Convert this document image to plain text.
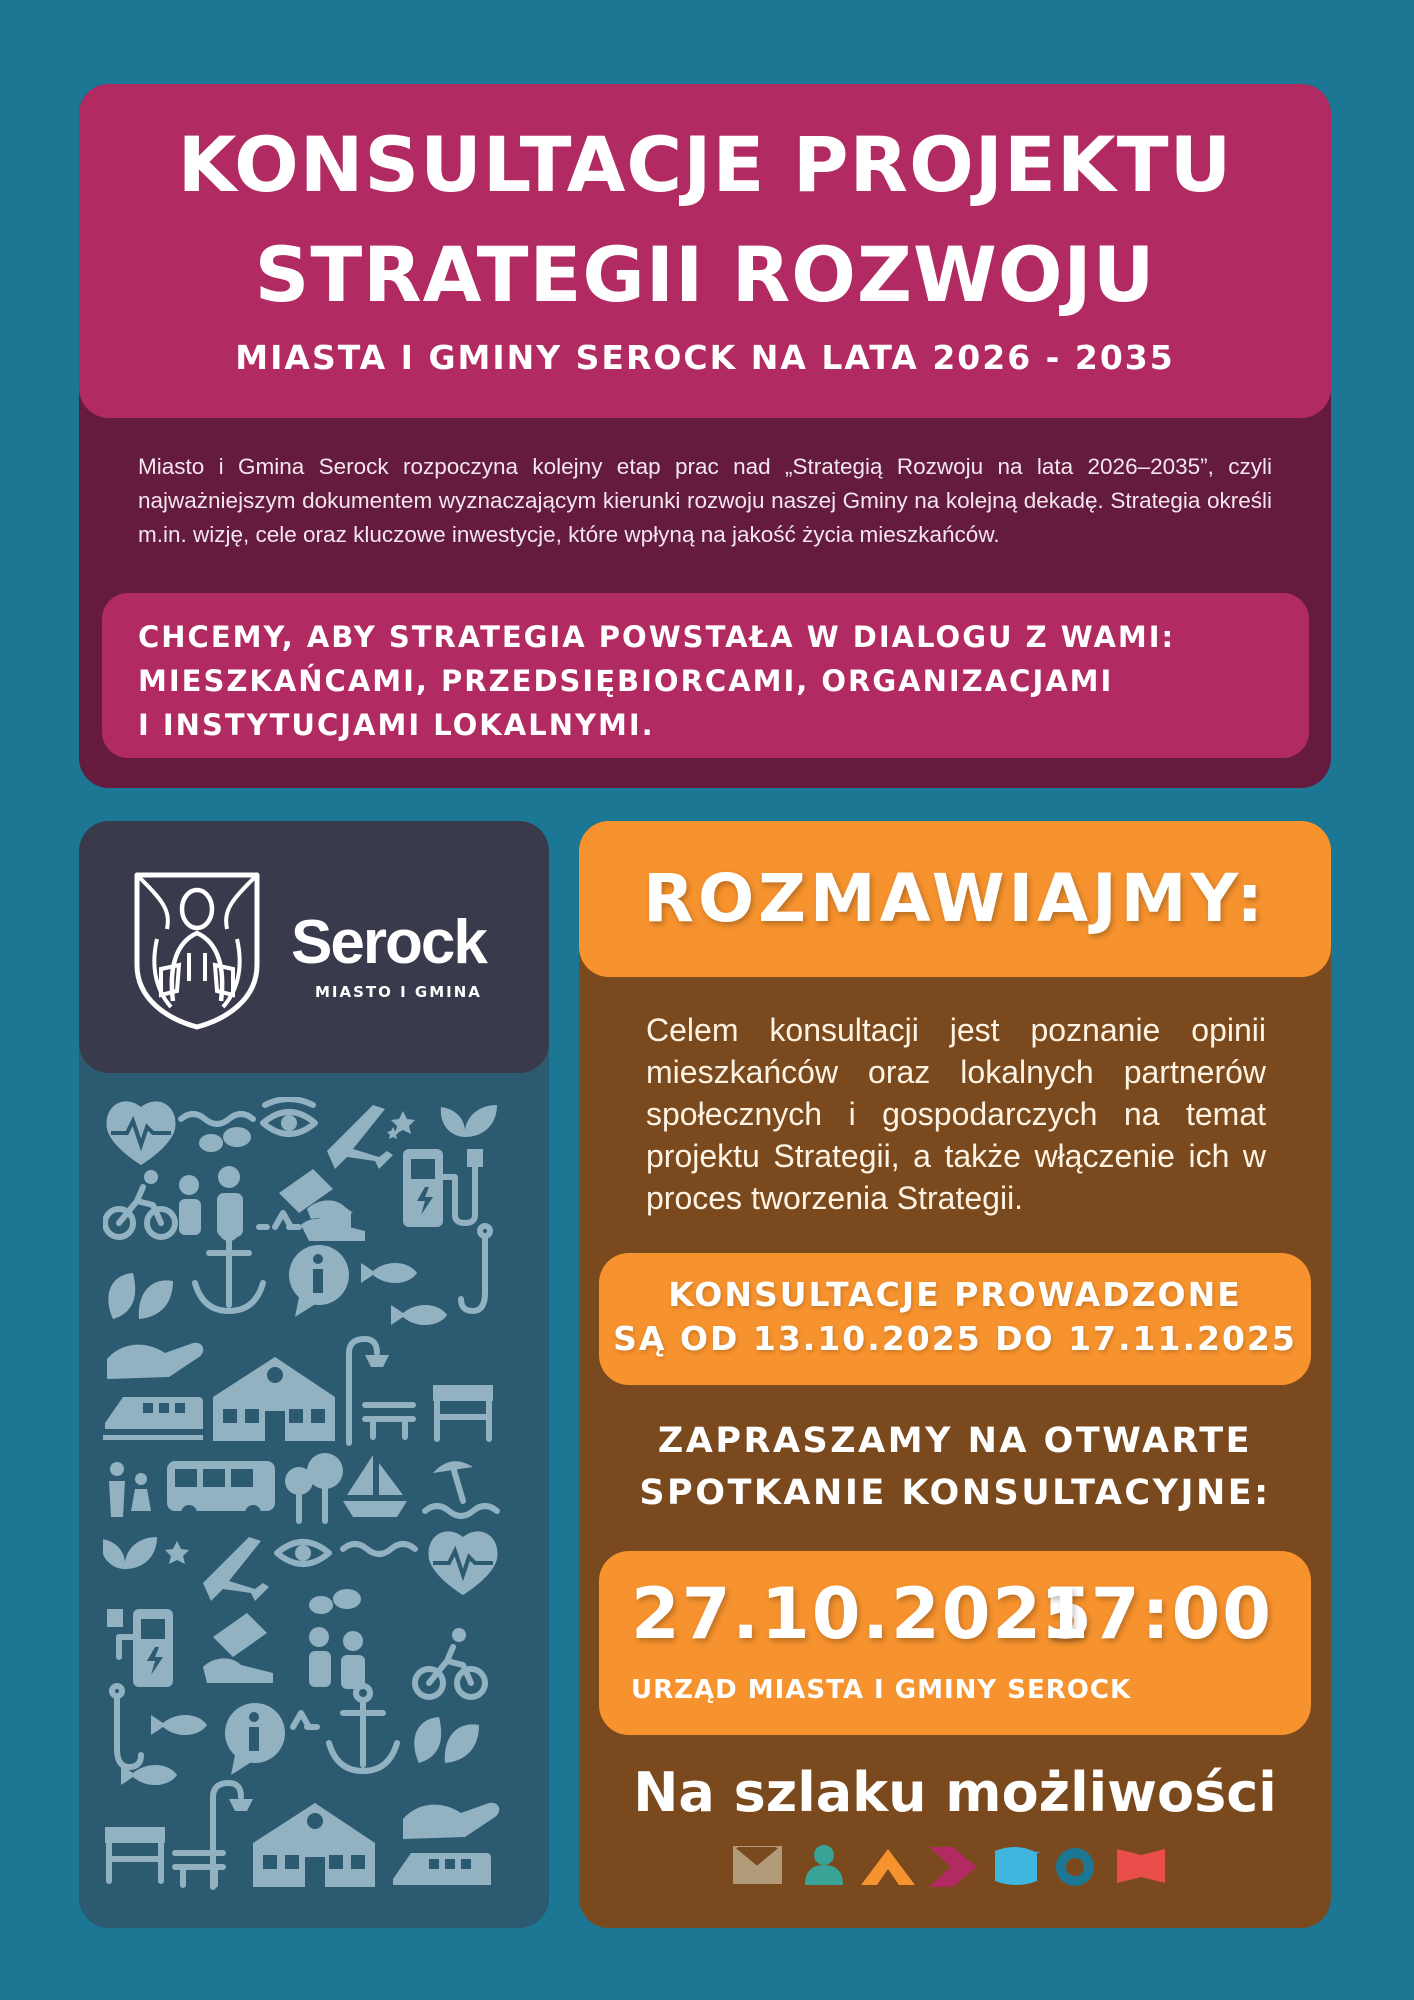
KONSULTACJE PROJEKTU
STRATEGII ROZWOJU
MIASTA I GMINY SEROCK NA LATA 2026 - 2035

Miasto i Gmina Serock rozpoczyna kolejny etap prac nad „Strategią Rozwoju na lata 2026–2035”, czyli najważniejszym dokumentem wyznaczającym kierunki rozwoju naszej Gminy na kolejną dekadę. Strategia określi m.in. wizję, cele oraz kluczowe inwestycje, które wpłyną na jakość życia mieszkańców.

CHCEMY, ABY STRATEGIA POWSTAŁA W DIALOGU Z WAMI:
MIESZKAŃCAMI, PRZEDSIĘBIORCAMI, ORGANIZACJAMI
I INSTYTUCJAMI LOKALNYMI.
Serock
MIASTO I GMINA
ROZMAWIAJMY:

Celem konsultacji jest poznanie opinii mieszkańców oraz lokalnych partnerów społecznych i gospodarczych na temat projektu Strategii, a także włączenie ich w proces tworzenia Strategii.

KONSULTACJE PROWADZONE
SĄ OD 13.10.2025 DO 17.11.2025
ZAPRASZAMY NA OTWARTE
SPOTKANIE KONSULTACYJNE:
27.10.2025
17:00
URZĄD MIASTA I GMINY SEROCK
Na szlaku możliwości
